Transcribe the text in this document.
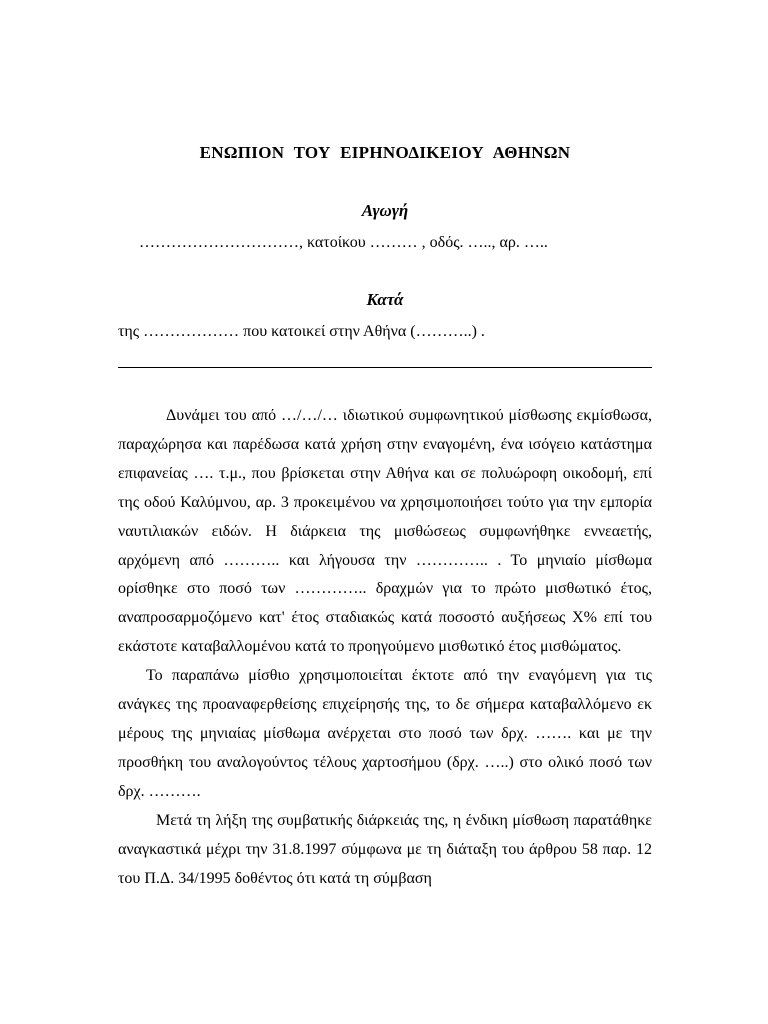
ΕΝΩΠΙΟΝ ΤΟΥ ΕΙΡΗΝΟΔΙΚΕΙΟΥ ΑΘΗΝΩΝ
Αγωγή
…………………………, κατοίκου ……… , οδός. ….., αρ. …..
Κατά
της ……………… που κατοικεί στην Αθήνα (………..) .

Δυνάμει του από …/…/… ιδιωτικού συμφωνητικού μίσθωσης εκμίσθωσα, παραχώρησα και παρέδωσα κατά χρήση στην εναγομένη, ένα ισόγειο κατάστημα επιφανείας …. τ.μ., που βρίσκεται στην Αθήνα και σε πολυώροφη οικοδομή, επί της οδού Καλύμνου, αρ. 3 προκειμένου να χρησιμοποιήσει τούτο για την εμπορία ναυτιλιακών ειδών. Η διάρκεια της μισθώσεως συμφωνήθηκε εννεαετής, αρχόμενη από ……….. και λήγουσα την ………….. . Το μηνιαίο μίσθωμα ορίσθηκε στο ποσό των ………….. δραχμών για το πρώτο μισθωτικό έτος, αναπροσαρμοζόμενο κατ' έτος σταδιακώς κατά ποσοστό αυξήσεως Χ% επί του εκάστοτε καταβαλλομένου κατά το προηγούμενο μισθωτικό έτος μισθώματος.

Το παραπάνω μίσθιο χρησιμοποιείται έκτοτε από την εναγόμενη για τις ανάγκες της προαναφερθείσης επιχείρησής της, το δε σήμερα καταβαλλόμενο εκ μέρους της μηνιαίας μίσθωμα ανέρχεται στο ποσό των δρχ. ……. και με την προσθήκη του αναλογούντος τέλους χαρτοσήμου (δρχ. …..) στο ολικό ποσό των δρχ. ……….

Μετά τη λήξη της συμβατικής διάρκειάς της, η ένδικη μίσθωση παρατάθηκε αναγκαστικά μέχρι την 31.8.1997 σύμφωνα με τη διάταξη του άρθρου 58 παρ. 12 του Π.Δ. 34/1995 δοθέντος ότι κατά τη σύμβαση
